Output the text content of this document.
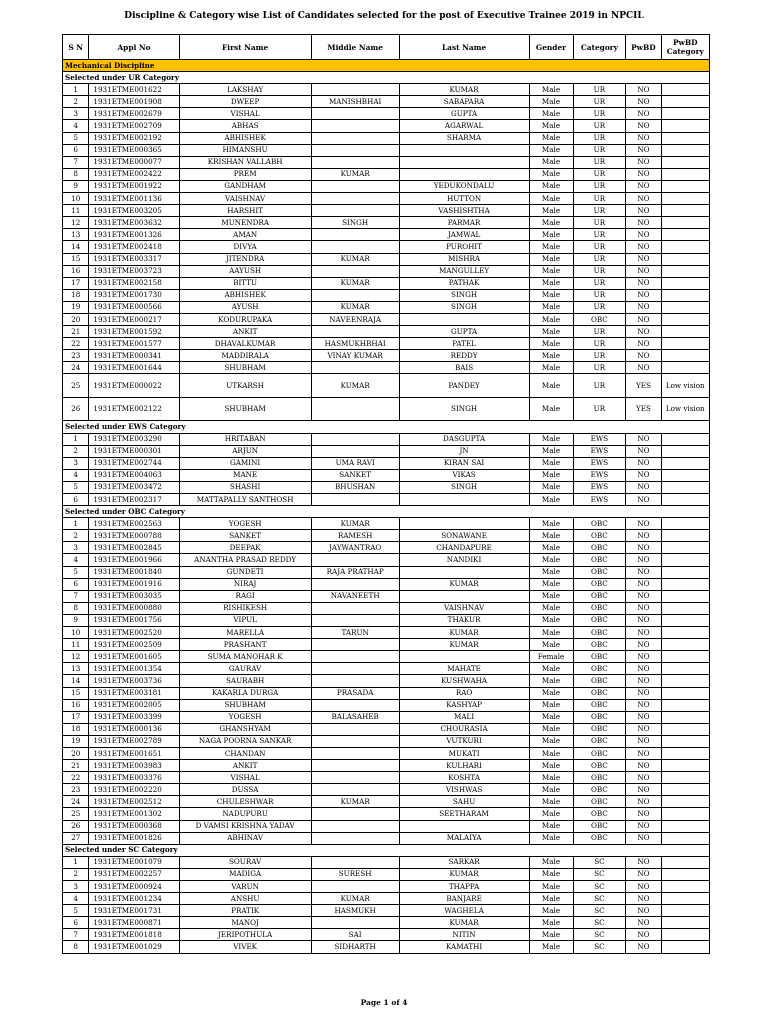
Discipline & Category wise List of Candidates selected for the post of Executive Trainee 2019 in NPCIL
S N	Appl No	First Name	Middle Name	Last Name	Gender	Category	PwBD	PwBD Category
Mechanical Discipline								
Selected under UR Category								
1	1931ETME001622	LAKSHAY		KUMAR	Male	UR	NO	
2	1931ETME001908	DWEEP	MANISHBHAI	SABAPARA	Male	UR	NO	
3	1931ETME002679	VISHAL		GUPTA	Male	UR	NO	
4	1931ETME002709	ABHAS		AGARWAL	Male	UR	NO	
5	1931ETME002192	ABHISHEK		SHARMA	Male	UR	NO	
6	1931ETME000365	HIMANSHU			Male	UR	NO	
7	1931ETME000077	KRISHAN VALLABH			Male	UR	NO	
8	1931ETME002422	PREM	KUMAR		Male	UR	NO	
9	1931ETME001922	GANDHAM		YEDUKONDALU	Male	UR	NO	
10	1931ETME001136	VAISHNAV		HUTTON	Male	UR	NO	
11	1931ETME003205	HARSHIT		VASHISHTHA	Male	UR	NO	
12	1931ETME003632	MUNENDRA	SINGH	PARMAR	Male	UR	NO	
13	1931ETME001326	AMAN		JAMWAL	Male	UR	NO	
14	1931ETME002418	DIVYA		PUROHIT	Male	UR	NO	
15	1931ETME003317	JITENDRA	KUMAR	MISHRA	Male	UR	NO	
16	1931ETME003723	AAYUSH		MANGULLEY	Male	UR	NO	
17	1931ETME002158	BITTU	KUMAR	PATHAK	Male	UR	NO	
18	1931ETME001730	ABHISHEK		SINGH	Male	UR	NO	
19	1931ETME000566	AYUSH	KUMAR	SINGH	Male	UR	NO	
20	1931ETME000217	KODURUPAKA	NAVEENRAJA		Male	OBC	NO	
21	1931ETME001592	ANKIT		GUPTA	Male	UR	NO	
22	1931ETME001577	DHAVALKUMAR	HASMUKHBHAI	PATEL	Male	UR	NO	
23	1931ETME000341	MADDIRALA	VINAY KUMAR	REDDY	Male	UR	NO	
24	1931ETME001644	SHUBHAM		BAIS	Male	UR	NO	
25	1931ETME000022	UTKARSH	KUMAR	PANDEY	Male	UR	YES	Low vision
26	1931ETME002122	SHUBHAM		SINGH	Male	UR	YES	Low vision
Selected under EWS Category								
1	1931ETME003290	HRITABAN		DASGUPTA	Male	EWS	NO	
2	1931ETME000301	ARJUN		JN	Male	EWS	NO	
3	1931ETME002744	GAMINI	UMA RAVI	KIRAN SAI	Male	EWS	NO	
4	1931ETME004063	MANE	SANKET	VIKAS	Male	EWS	NO	
5	1931ETME003472	SHASHI	BHUSHAN	SINGH	Male	EWS	NO	
6	1931ETME002317	MATTAPALLY SANTHOSH			Male	EWS	NO	
Selected under OBC Category								
1	1931ETME002563	YOGESH	KUMAR		Male	OBC	NO	
2	1931ETME000788	SANKET	RAMESH	SONAWANE	Male	OBC	NO	
3	1931ETME002845	DEEPAK	JAYWANTRAO	CHANDAPURE	Male	OBC	NO	
4	1931ETME001966	ANANTHA PRASAD REDDY		NANDIKI	Male	OBC	NO	
5	1931ETME001840	GUNDETI	RAJA PRATHAP		Male	OBC	NO	
6	1931ETME001916	NIRAJ		KUMAR	Male	OBC	NO	
7	1931ETME003035	RAGI	NAVANEETH		Male	OBC	NO	
8	1931ETME000880	RISHIKESH		VAISHNAV	Male	OBC	NO	
9	1931ETME001756	VIPUL		THAKUR	Male	OBC	NO	
10	1931ETME002520	MARELLA	TARUN	KUMAR	Male	OBC	NO	
11	1931ETME002509	PRASHANT		KUMAR	Male	OBC	NO	
12	1931ETME001605	SUMA MANOHAR K			Female	OBC	NO	
13	1931ETME001354	GAURAV		MAHATE	Male	OBC	NO	
14	1931ETME003736	SAURABH		KUSHWAHA	Male	OBC	NO	
15	1931ETME003181	KAKARLA DURGA	PRASADA	RAO	Male	OBC	NO	
16	1931ETME002005	SHUBHAM		KASHYAP	Male	OBC	NO	
17	1931ETME003399	YOGESH	BALASAHEB	MALI	Male	OBC	NO	
18	1931ETME000136	GHANSHYAM		CHOURASIA	Male	OBC	NO	
19	1931ETME002789	NAGA POORNA SANKAR		VUTKURI	Male	OBC	NO	
20	1931ETME001651	CHANDAN		MUKATI	Male	OBC	NO	
21	1931ETME003983	ANKIT		KULHARI	Male	OBC	NO	
22	1931ETME003376	VISHAL		KOSHTA	Male	OBC	NO	
23	1931ETME002220	DUSSA		VISHWAS	Male	OBC	NO	
24	1931ETME002512	CHULESHWAR	KUMAR	SAHU	Male	OBC	NO	
25	1931ETME001302	NADUPURU		SEETHARAM	Male	OBC	NO	
26	1931ETME000368	D VAMSI KRISHNA YADAV			Male	OBC	NO	
27	1931ETME001826	ABHINAV		MALAIYA	Male	OBC	NO	
Selected under SC Category								
1	1931ETME001079	SOURAV		SARKAR	Male	SC	NO	
2	1931ETME002257	MADIGA	SURESH	KUMAR	Male	SC	NO	
3	1931ETME000924	VARUN		THAPPA	Male	SC	NO	
4	1931ETME001234	ANSHU	KUMAR	BANJARE	Male	SC	NO	
5	1931ETME001731	PRATIK	HASMUKH	WAGHELA	Male	SC	NO	
6	1931ETME000871	MANOJ		KUMAR	Male	SC	NO	
7	1931ETME001818	JERIPOTHULA	SAI	NITIN	Male	SC	NO	
8	1931ETME001029	VIVEK	SIDHARTH	KAMATHI	Male	SC	NO	
Page 1 of 4
